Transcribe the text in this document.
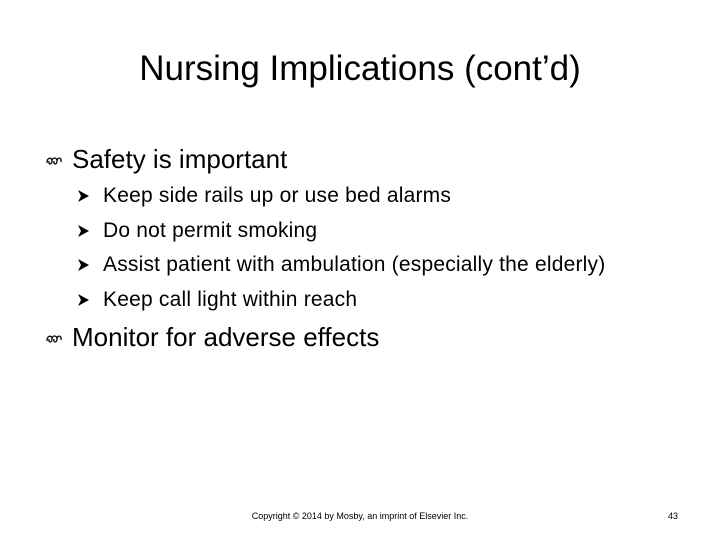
Nursing Implications (cont’d)
Safety is important
Keep side rails up or use bed alarms
Do not permit smoking
Assist patient with ambulation (especially the elderly)
Keep call light within reach
Monitor for adverse effects
Copyright © 2014 by Mosby, an imprint of Elsevier Inc.	43
